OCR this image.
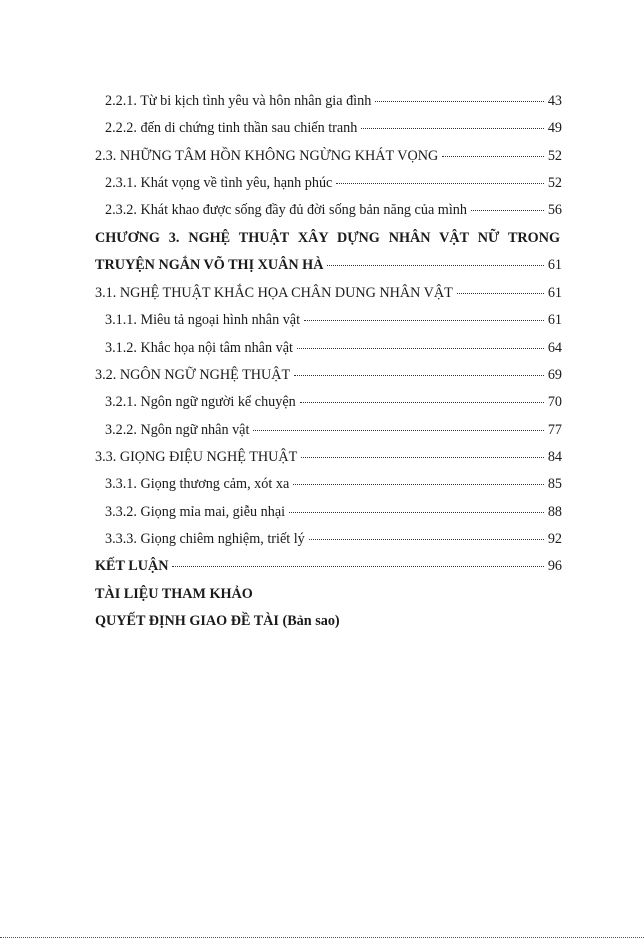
2.2.1. Từ bi kịch tình yêu và hôn nhân gia đình	43
2.2.2. đến di chứng tinh thần sau chiến tranh	49
2.3. NHỮNG TÂM HỒN KHÔNG NGỪNG KHÁT VỌNG	52
2.3.1. Khát vọng về tình yêu, hạnh phúc	52
2.3.2. Khát khao được sống đầy đủ đời sống bản năng của mình	56
CHƯƠNG 3. NGHỆ THUẬT XÂY DỰNG NHÂN VẬT NỮ TRONG
TRUYỆN NGẮN VÕ THỊ XUÂN HÀ	61
3.1. NGHỆ THUẬT KHẮC HỌA CHÂN DUNG NHÂN VẬT	61
3.1.1. Miêu tả ngoại hình nhân vật	61
3.1.2. Khắc họa nội tâm nhân vật	64
3.2. NGÔN NGỮ NGHỆ THUẬT	69
3.2.1. Ngôn ngữ người kể chuyện	70
3.2.2. Ngôn ngữ nhân vật	77
3.3. GIỌNG ĐIỆU NGHỆ THUẬT	84
3.3.1. Giọng thương cảm, xót xa	85
3.3.2. Giọng mỉa mai, giễu nhại	88
3.3.3. Giọng chiêm nghiệm, triết lý	92
KẾT LUẬN	96
TÀI LIỆU THAM KHẢO
QUYẾT ĐỊNH GIAO ĐỀ TÀI (Bản sao)
